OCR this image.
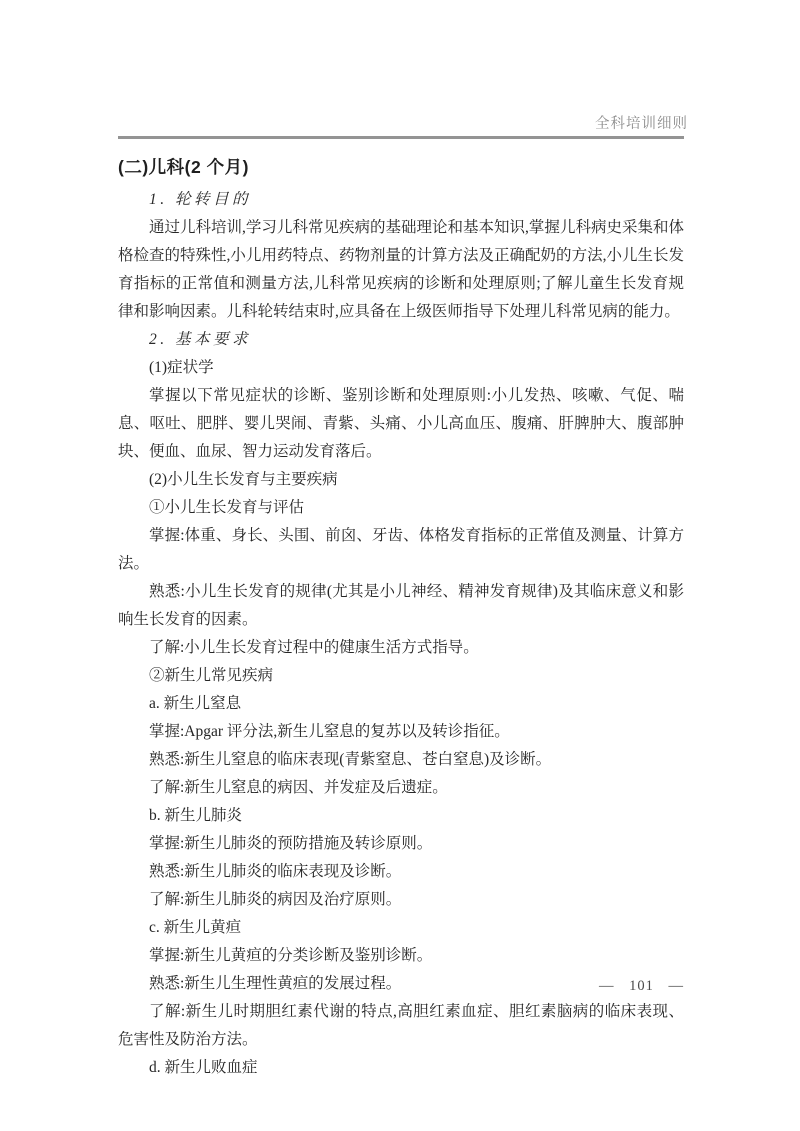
全科培训细则
(二)儿科(2 个月)

1. 轮转目的

通过儿科培训,学习儿科常见疾病的基础理论和基本知识,掌握儿科病史采集和体格检查的特殊性,小儿用药特点、药物剂量的计算方法及正确配奶的方法,小儿生长发育指标的正常值和测量方法,儿科常见疾病的诊断和处理原则;了解儿童生长发育规律和影响因素。儿科轮转结束时,应具备在上级医师指导下处理儿科常见病的能力。

2. 基本要求

(1)症状学

掌握以下常见症状的诊断、鉴别诊断和处理原则:小儿发热、咳嗽、气促、喘息、呕吐、肥胖、婴儿哭闹、青紫、头痛、小儿高血压、腹痛、肝脾肿大、腹部肿块、便血、血尿、智力运动发育落后。

(2)小儿生长发育与主要疾病

①小儿生长发育与评估

掌握:体重、身长、头围、前囟、牙齿、体格发育指标的正常值及测量、计算方法。

熟悉:小儿生长发育的规律(尤其是小儿神经、精神发育规律)及其临床意义和影响生长发育的因素。

了解:小儿生长发育过程中的健康生活方式指导。

②新生儿常见疾病

a. 新生儿窒息

掌握:Apgar 评分法,新生儿窒息的复苏以及转诊指征。

熟悉:新生儿窒息的临床表现(青紫窒息、苍白窒息)及诊断。

了解:新生儿窒息的病因、并发症及后遗症。

b. 新生儿肺炎

掌握:新生儿肺炎的预防措施及转诊原则。

熟悉:新生儿肺炎的临床表现及诊断。

了解:新生儿肺炎的病因及治疗原则。

c. 新生儿黄疸

掌握:新生儿黄疸的分类诊断及鉴别诊断。

熟悉:新生儿生理性黄疸的发展过程。

了解:新生儿时期胆红素代谢的特点,高胆红素血症、胆红素脑病的临床表现、危害性及防治方法。

d. 新生儿败血症

— 101 —
